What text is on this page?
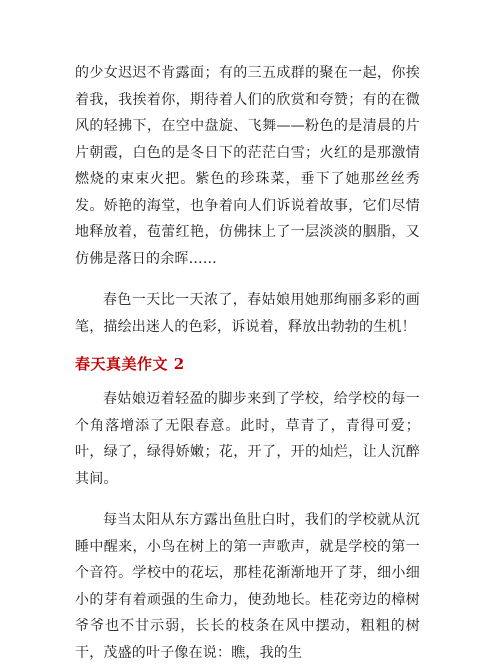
的少女迟迟不肯露面；有的三五成群的聚在一起，你挨着我，我挨着你，期待着人们的欣赏和夸赞；有的在微风的轻拂下，在空中盘旋、飞舞——粉色的是清晨的片片朝霞，白色的是冬日下的茫茫白雪；火红的是那激情燃烧的束束火把。紫色的珍珠菜，垂下了她那丝丝秀发。娇艳的海堂，也争着向人们诉说着故事，它们尽情地释放着，苞蕾红艳，仿佛抹上了一层淡淡的胭脂，又仿佛是落日的余晖……

春色一天比一天浓了，春姑娘用她那绚丽多彩的画笔，描绘出迷人的色彩，诉说着，释放出勃勃的生机！

春天真美作文 2

春姑娘迈着轻盈的脚步来到了学校，给学校的每一个角落增添了无限春意。此时，草青了，青得可爱；叶，绿了，绿得娇嫩；花，开了，开的灿烂，让人沉醉其间。

每当太阳从东方露出鱼肚白时，我们的学校就从沉睡中醒来，小鸟在树上的第一声歌声，就是学校的第一个音符。学校中的花坛，那桂花渐渐地开了芽，细小细小的芽有着顽强的生命力，使劲地长。桂花旁边的樟树爷爷也不甘示弱，长长的枝条在风中摆动，粗粗的树干，茂盛的叶子像在说：瞧，我的生
